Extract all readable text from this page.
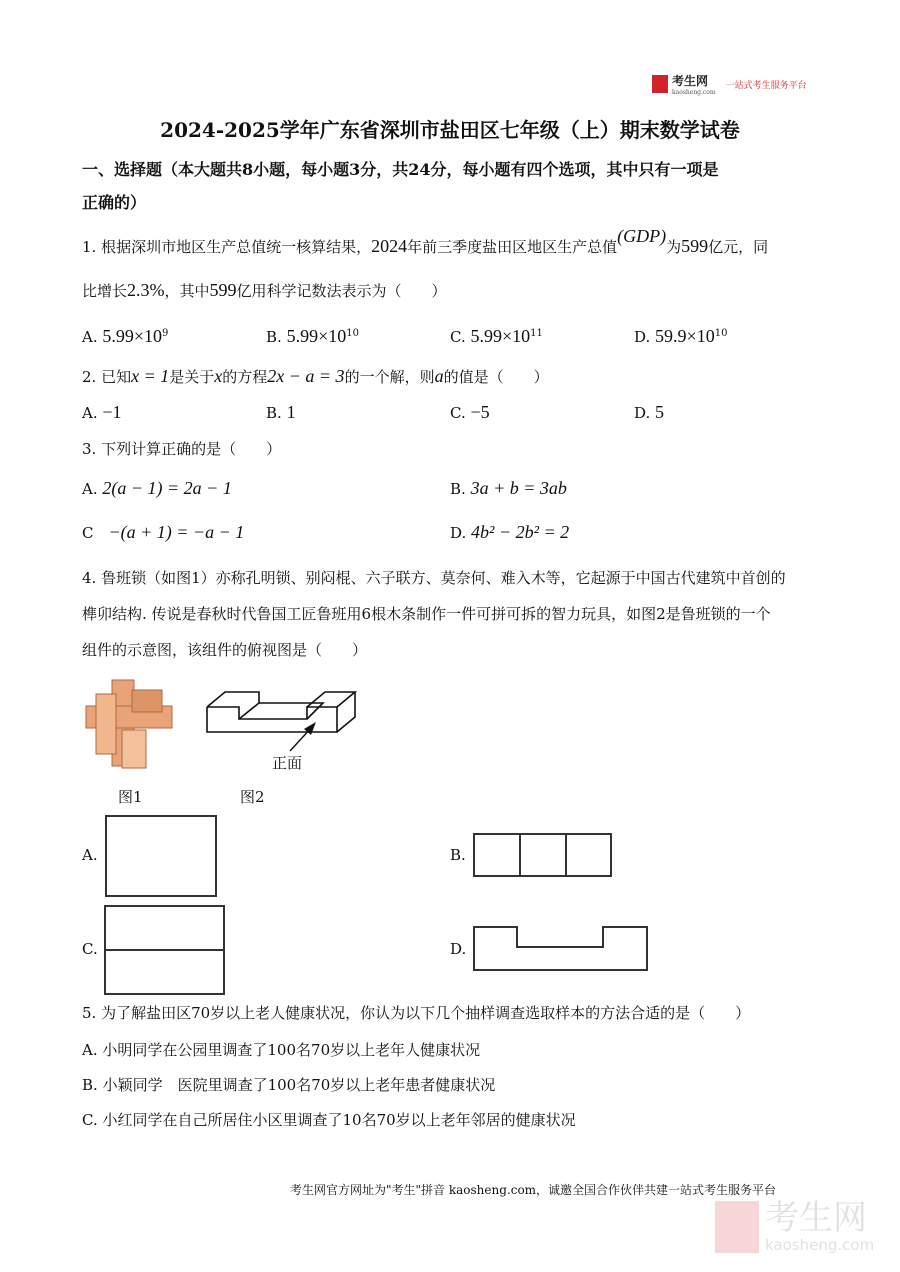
考生网
kaosheng.com
一站式考生服务平台
2024-2025学年广东省深圳市盐田区七年级（上）期末数学试卷
一、选择题（本大题共8小题，每小题3分，共24分，每小题有四个选项，其中只有一项是
正确的）
1. 根据深圳市地区生产总值统一核算结果，2024年前三季度盐田区地区生产总值(GDP)为599亿元，同
比增长2.3%，其中599亿用科学记数法表示为（　　）
A. $5.99\times 10^9$	B. $5.99\times 10^{10}$	C. $5.99\times 10^{11}$	D. $59.9\times 10^{10}$
2. 已知x = 1是关于x的方程2x − a = 3的一个解，则a的值是（　　）
A. −1	B. 1	C. −5	D. 5
3. 下列计算正确的是（　　）
A. 2(a − 1) = 2a − 1	B. 3a + b = 3ab
C　 −(a + 1) = −a − 1	D. 4b² − 2b² = 2
4. 鲁班锁（如图1）亦称孔明锁、别闷棍、六子联方、莫奈何、难入木等，它起源于中国古代建筑中首创的
榫卯结构. 传说是春秋时代鲁国工匠鲁班用6根木条制作一件可拼可拆的智力玩具，如图2是鲁班锁的一个
组件的示意图，该组件的俯视图是（　　）
正面
图1	图2
A.	B.
C.	D.
5. 为了解盐田区70岁以上老人健康状况，你认为以下几个抽样调查选取样本的方法合适的是（　　）
A. 小明同学在公园里调查了100名70岁以上老年人健康状况
B. 小颖同学　医院里调查了100名70岁以上老年患者健康状况
C. 小红同学在自己所居住小区里调查了10名70岁以上老年邻居的健康状况
考生网官方网址为"考生"拼音 kaosheng.com，诚邀全国合作伙伴共建一站式考生服务平台
考生网
kaosheng.com
